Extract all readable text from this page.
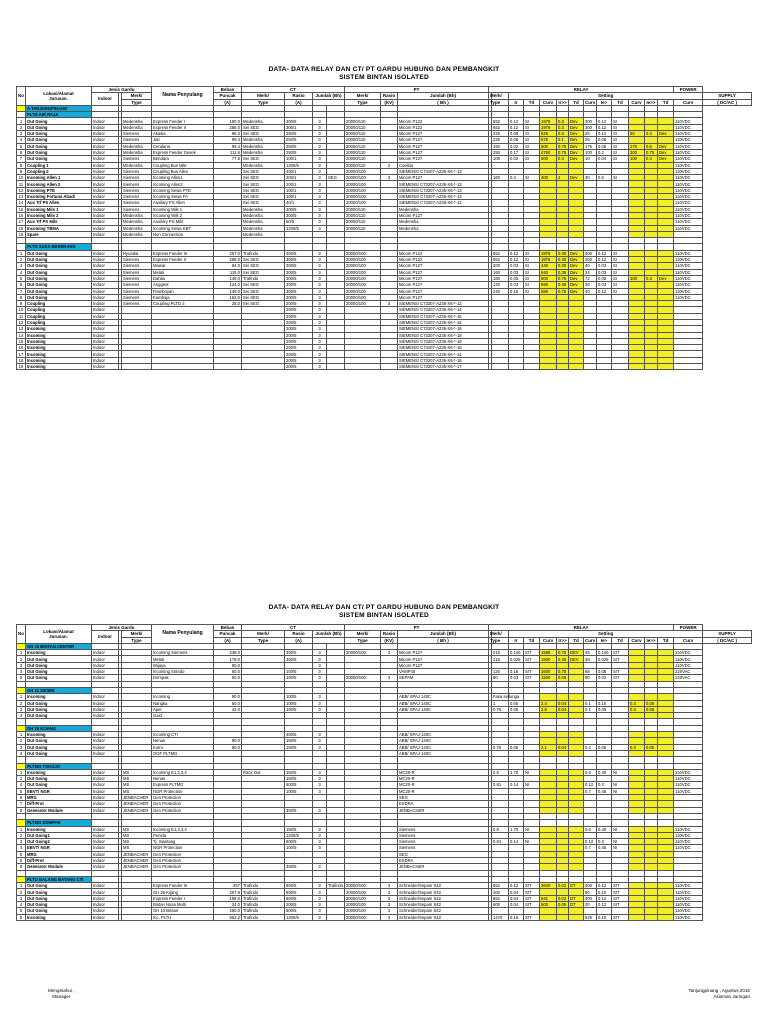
DATA- DATA RELAY DAN CT/ PT GARDU HUBUNG DAN PEMBANGKIT
SISTEM BINTAN ISOLATED
No	Lokasi/Alamat
Jurusan.	Jenis Gardu			Nama Penyulang	Beban	CT				PT			RELAY													POWER	
		Indoor		Merk/		Puncak	Merk/	Rasio	Jumlah (Bh)		Merk/	Rasio	Jumlah (Bh)	Merk/		Setting												SUPPLY
				Type		(A)	Type	(A)			Type	(KV)	( Bh )	Type		Ir	Td	Curv	Ir>>	Td	Curv	Ie>	Td	Curv	Ie>>	Td	Curv	( DC/AC )
	A TANJUNGPINANG																											
	PLTD AIR RAJA																											
1	Out Going	Indoor		Medensha	Express Feeder I	150.0	Medensha	300/5	3		20000/110		Micom P122		652	0.12	SI	1976	0.3	Dev	300	0.12	SI				110VDC	
2	Out Going	Indoor		Medensha	Express Feeder II	288.0	Sei SEG	300/1	3		20000/110		Micom P122		652	0.12	SI	1976	0.3	Dev	300	0.12	SI				110VDC	
3	Out Going	Indoor		Siemens	Akasia	96.3	Sei SEG	250/5	3		20000/110		Micom P127		225	0.08	SI	625	0.3	Dev	25	0.12	SI	50	0.3	Dev	110VDC	
4	Out Going	Indoor		Siemens	Jati	99.4	Medensha	250/5	3		20000/110		Micom P127		225	0.08	SI	675	0.1	Dev	25	0.08	SI				110VDC	
5	Out Going	Indoor		Medensha	Cendana	99.4	Medensha	250/5	3		20000/110		Micom P127		150	0.02	SI	600	0.75	Dev	175	0.05	SI	275	0.6	Dev	110VDC	
6	Out Going	Indoor		Medensha	Express Feeder Gesek	111.6	Medensha	250/5	3		20000/110		Micom P127		250	0.17	SI	4750	0.75	Dev	100	0.2	SI	300	0.75	Dev	110VDC	
7	Out Going	Indoor		Siemens	Bendara	77.6	Sei SEG	100/1	3		20000/110		Micom P127		100	0.02	SI	500	0.3	Dev	10	0.04	SI	100	0.3	Dev	110VDC	
8	Coupling 1	Indoor		Medensha	Coupling Bus Mile		Medensha	1200/5	3		20000/110	2	Coelitia														110VDC	
9	Coupling 2	Indoor		Siemens	Coupling Bus Allen		Sei SEG	400/1	3		20000/100		SIEMENS/ C73207-A235-X6-*-13														110VDC	
10	Incoming Allen 1	Indoor		Siemens	Incoming Allen1		Sei SEG	200/1	3	SEG	20000/100	3	Micom P127		160	0.3	SI	400	2	Dev	30	0.5	SI				110VDC	
11	Incoming Allen 2	Indoor		Siemens	Incoming Allen2		Sei SEG	200/1	3		20000/100		SIEMENS/ C73207-A235-X6-*-13														110VDC	
12	Incoming PTE	Indoor		Siemens	Incoming Sewa PTE		Sei SEG	100/1	3		20000/100		SIEMENS/ C73207-A235-X6-*-13														110VDC	
13	Incoming Fortuna Abadi	Indoor		Siemens	Incoming Sewa FA		Sei SEG	100/1	3		20000/100		SIEMENS/ C73207-A235-X6-*-13														110VDC	
14	Aux Trf PS Allen	Indoor		Siemens	Auxilary PS Allen		Sei SEG	40/1	3		20000/100		SIEMENS/ C73207-A235-X6-*-13														110VDC	
15	Incoming Mils 1	Indoor		Siemens	Incoming Mils 1		Medensha	300/5	3		20000/110		Medensha														110VDC	
16	Incoming Mils 2	Indoor		Medensha	Incoming Mils 2		Medensha	300/5	3		20000/110		Micom P127														110VDC	
17	Aux Trf PS Mils	Indoor		Medensha	Auxilary PS Mils		Medensha	50/5	3		20000/110		Medensha														110VDC	
18	Incoming TBMA	Indoor		Medensha	Incoming Sewa KBT		Medensha	1200/5	3		20000/110		Medensha														110VDC	
19	Spare	Indoor		Medensha	Non Connection		Medensha																					

	PLTD SUKA BERENANG																											
1	Out Going	Indoor		Hyundai	Express Feeder III	257.0	Trafindo	400/5	3		20000/100		Micom P122		652	0.12	SI	1976	0.30	Dev	300	0.12	SI				110VDC	
2	Out Going	Indoor		Siemens	Express Feeder II	288.0	Sei SEG	300/5	3		20000/100		Micom P122		652	0.12	SI	1976	0.30	Dev	300	0.12	SI				110VDC	
3	Out Going	Indoor		Siemens	Mawar	94.0	Sei SEG	300/5	3		20000/100		Micom P127		200	0.03	SI	440	0.30	Dev	40	0.03	SI				110VDC	
4	Out Going	Indoor		Siemens	Melati	115.0	Sei SEG	300/5	3		20000/100		Micom P127		160	0.03	SI	640	0.35	Dev	24	0.03	SI				110VDC	
5	Out Going	Indoor		Siemens	Dahlia	149.0	Trafindo	300/5	3		20000/100		Micom P127		180	0.05	SI	800	0.75	Dev	72	0.08	SI	300	0.3	Dev	110VDC	
6	Out Going	Indoor		Siemens	Anggrek	124.0	Sei SEG	300/5	3		20000/100		Micom P127		140	0.03	SI	680	0.35	Dev	36	0.03	SI				110VDC	
7	Out Going	Indoor		Siemens	Flamboyan	149.0	Sei SEG	300/5	3		20000/100		Micom P127		240	0.16	SI	580	0.75	Dev	40	0.12	SI				110VDC	
8	Out Going	Indoor		Siemens	Kamboja	152.0	Sei SEG	300/5	3		20000/100		Micom P127														110VDC	
9	Coupling	Indoor		Siemens	Coupling PLTD 2	25.0	Sei SEG	200/5	3		20000/100	3	SIEMENS/ C73207-A235-X6-*-13															
10	Coupling	Indoor						200/5	3				SIEMENS/ C73207-A235-X6-*-14															
11	Coupling	Indoor						200/5	3				SIEMENS/ C73207-A235-X6-*-15															
12	Coupling	Indoor						200/5	3				SIEMENS/ C73207-A235-X6-*-16															
13	Incoming	Indoor						200/5	3				SIEMENS/ C73207-A235-X6-*-16															
14	Incoming	Indoor						200/5	3				SIEMENS/ C73207-A235-X6-*-18															
15	Incoming	Indoor						200/5	3				SIEMENS/ C73207-A235-X6-*-19															
16	Incoming	Indoor						200/5	3				SIEMENS/ C73207-A235-X6-*-16															
17	Incoming	Indoor						200/5	3				SIEMENS/ C73207-A235-X6-*-14															
18	Incoming	Indoor						200/5	3				SIEMENS/ C73207-A235-X6-*-16															
19	Incoming	Indoor						200/5	3				SIEMENS/ C73207-A235-X6-*-17															
DATA- DATA RELAY DAN CT/ PT GARDU HUBUNG DAN PEMBANGKIT
SISTEM BINTAN ISOLATED
No	Lokasi/Alamat
Jurusan.	Jenis Gardu			Nama Penyulang	Beban	CT				PT			RELAY													POWER	
		Indoor		Merk/		Puncak	Merk/	Rasio	Jumlah (Bh)		Merk/	Rasio	Jumlah (Bh)	Merk/		Setting												SUPPLY
				Type		(A)	Type	(A)			Type	(KV)	( Bh )	Type		Ir	Td	Curv	Ir>>	Td	Curv	Ie>	Td	Curv	Ie>>	Td	Curv	( DC/AC )
	GH 10 BINTAN CENTER																											
1	Incoming	Indoor			Incoming Siemens	238.0		300/5	3		20000/100	3	Micom P127		216	0.140	SIT	1589	0.75	DEV	45	0.140	SIT				110VDC	
2	Out Going	Indoor			Melati	178.0		300/5	3				Micom P127		216	0.025	SIT	1500	0.35	DEV	38	0.025	SIT				110VDC	
3	Out Going	Indoor			Wijaya	60.0			3				Micom P127														110VDC	
4	Out Going	Indoor			Incoming Sntndo	60.0		100/5	3				VAMP40		120	0.18	SIT	1600	0.75		88	0.08	SIT				220VAC	
5	Out Going	Indoor			Dompak	60.0		100/5	3		20000/100	3	SEPAM		90	0.03	SIT	1500	0.08		90	0.02	SIT				220VAC	

	GH 21 GESEK																											
1	Incoming	Indoor			Incoming	90.0		100/5	3				ABB/ SPAJ 140C		Fasa setlunga													
2	Out Going	Indoor			Nangka	50.0		100/5	3				ABB/ SPAJ 140C		1	0.05		2.4	0.04		0.1	0.10		0.3	0.05			
3	Out Going	Indoor			Apel	43.0		100/5	3				ABB/ SPAJ 140C		0.75	0.05		2.8	0.04		0.1	0.05		0.3	0.05			
4	Out Going	Indoor			Gaid																							

	GH 26 KIJANG																											
1	Incoming	Indoor			Incoming CTI			400/5	3				ABB/ SPAJ 140C															
2	Out Going	Indoor			Nenas	90.0		150/5	3				ABB/ SPAJ 140C															
3	Out Going	Indoor			Kutru	80.0		150/5	3				ABB/ SPAJ 140C		0.75	0.05		2.1	0.04		0.2	0.05		0.3	0.05			
4	Out Going	Indoor			OGF PLTMG								ABB/ SPAJ 140C															

	PLTMG TOKOJO																											
1	Incoming	Indoor		MS	Incoming E1,2,3,4		Rack Out	150/5	3				MC20-R		0.8	1.70	NI				0.6	0.40	NI				110VDC	
2	Out Going	Indoor		MS	Nenas			150/5	3				MC20-R														110VDC	
4	Out Going	Indoor		MS	Express PLTMG			600/5	3				MC20-R		0.81	0.14	NI				0.12	0.3	NI				110VDC	
5	EBVT/ NGR	Indoor		MS	NGR Protection			100/5	3				MC20-R								0.7	0.45	NI				110VDC	
6	MRG	Indoor		JENBACHER	Gen Protection								SEG															
7	Diff-Prot	Indoor		JENBACHER	Gen Protection								ESDRA															
8	Generator Module	Indoor		JENBACHER	Gen Protection			300/5	3				JENBACHER															

	PLTMG DOMPAK																											
1	Incoming	Indoor		MS	Incoming E1,2,3,4			150/5	3				Siemens		0.8	1.70	NI				0.6	0.40	NI				110VDC	
2	Out Going1	Indoor		MS	Penida			1200/5	3				Siemens														110VDC	
3	Out Going2	Indoor		MS	Tj. Siantang			600/5	3				Siemens		0.81	0.14	NI				0.12	0.3	NI				110VDC	
4	EBVT/ NGR	Indoor		MS	NGR Protection			100/5	3				Siemens								0.7	0.45	NI				110VDC	
5	MRG	Indoor		JENBACHER	Gen Protection								SEG															
6	Diff-Prot	Indoor		JENBACHER	Gen Protection								ESDRA															
8	Generator Module	Indoor		JENBACHER	Gen Protection			300/5	3				JENBACHER															

	PLTU GALANG BATANG CTI																											
1	Out Going	Indoor			Express Feeder III	257	Trafindo	800/5	3	Trafindo	20000/100	3	Schneider/Sepam S42		652	0.12	SIT	3640	0.02	DT	300	0.12	SIT				110VDC	
2	Out Going	Indoor			GH 26 Kijang	207.9	Trafindo	800/5	3		20000/100	3	Schneider/Sepam S42		400	0.04	SIT				90	0.10	SIT				110VDC	
3	Out Going	Indoor			Express Feeder I	158.0	Trafindo	800/5	3		20000/100	3	Schneider/Sepam S42		652	0.04	SIT	841	0.02	DT	300	0.12	SIT				110VDC	
4	Out Going	Indoor			Bintan Nusa Multi	24.0	Trafindo	200/5	3		20000/100	3	Schneider/Sepam S42		600	0.04	SIT	600	0.05	DT	20	0.12	SIT				110VDC	
5	Out Going	Indoor			GH 10 Bintan	280.0	Trafindo	800/5	3		20000/100	3	Schneider/Sepam S42														110VDC	
6	Incoming	Indoor			Inc. PLTU	652.2	Trafindo	1200/5	3		20000/100	3	Schneider/Sepam S42		1470	0.16	SIT				525	0.10	SIT				110VDC	
Mengetahui ,
Manager
Tanjungpinang , Agustus 2015
Asisman Jaringan
